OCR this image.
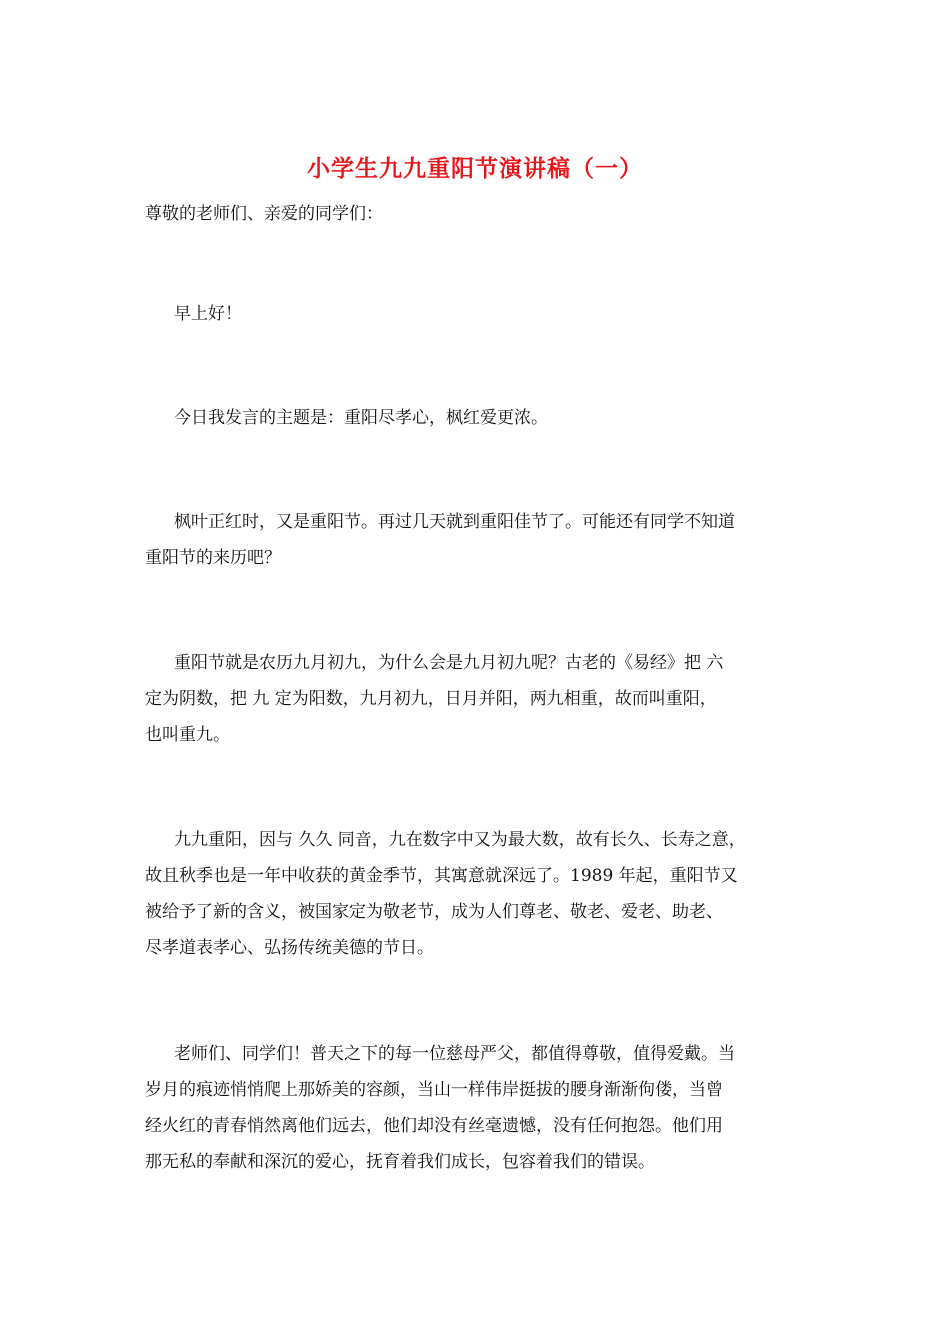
小学生九九重阳节演讲稿（一）

尊敬的老师们、亲爱的同学们：

早上好！

今日我发言的主题是：重阳尽孝心，枫红爱更浓。

枫叶正红时，又是重阳节。再过几天就到重阳佳节了。可能还有同学不知道
重阳节的来历吧？

重阳节就是农历九月初九，为什么会是九月初九呢？古老的《易经》把 六
定为阴数，把 九 定为阳数，九月初九，日月并阳，两九相重，故而叫重阳，
也叫重九。

九九重阳，因与 久久 同音，九在数字中又为最大数，故有长久、长寿之意，
故且秋季也是一年中收获的黄金季节，其寓意就深远了。1989 年起，重阳节又
被给予了新的含义，被国家定为敬老节，成为人们尊老、敬老、爱老、助老、
尽孝道表孝心、弘扬传统美德的节日。

老师们、同学们！普天之下的每一位慈母严父，都值得尊敬，值得爱戴。当
岁月的痕迹悄悄爬上那娇美的容颜，当山一样伟岸挺拔的腰身渐渐佝偻，当曾
经火红的青春悄然离他们远去，他们却没有丝毫遗憾，没有任何抱怨。他们用
那无私的奉献和深沉的爱心，抚育着我们成长，包容着我们的错误。
